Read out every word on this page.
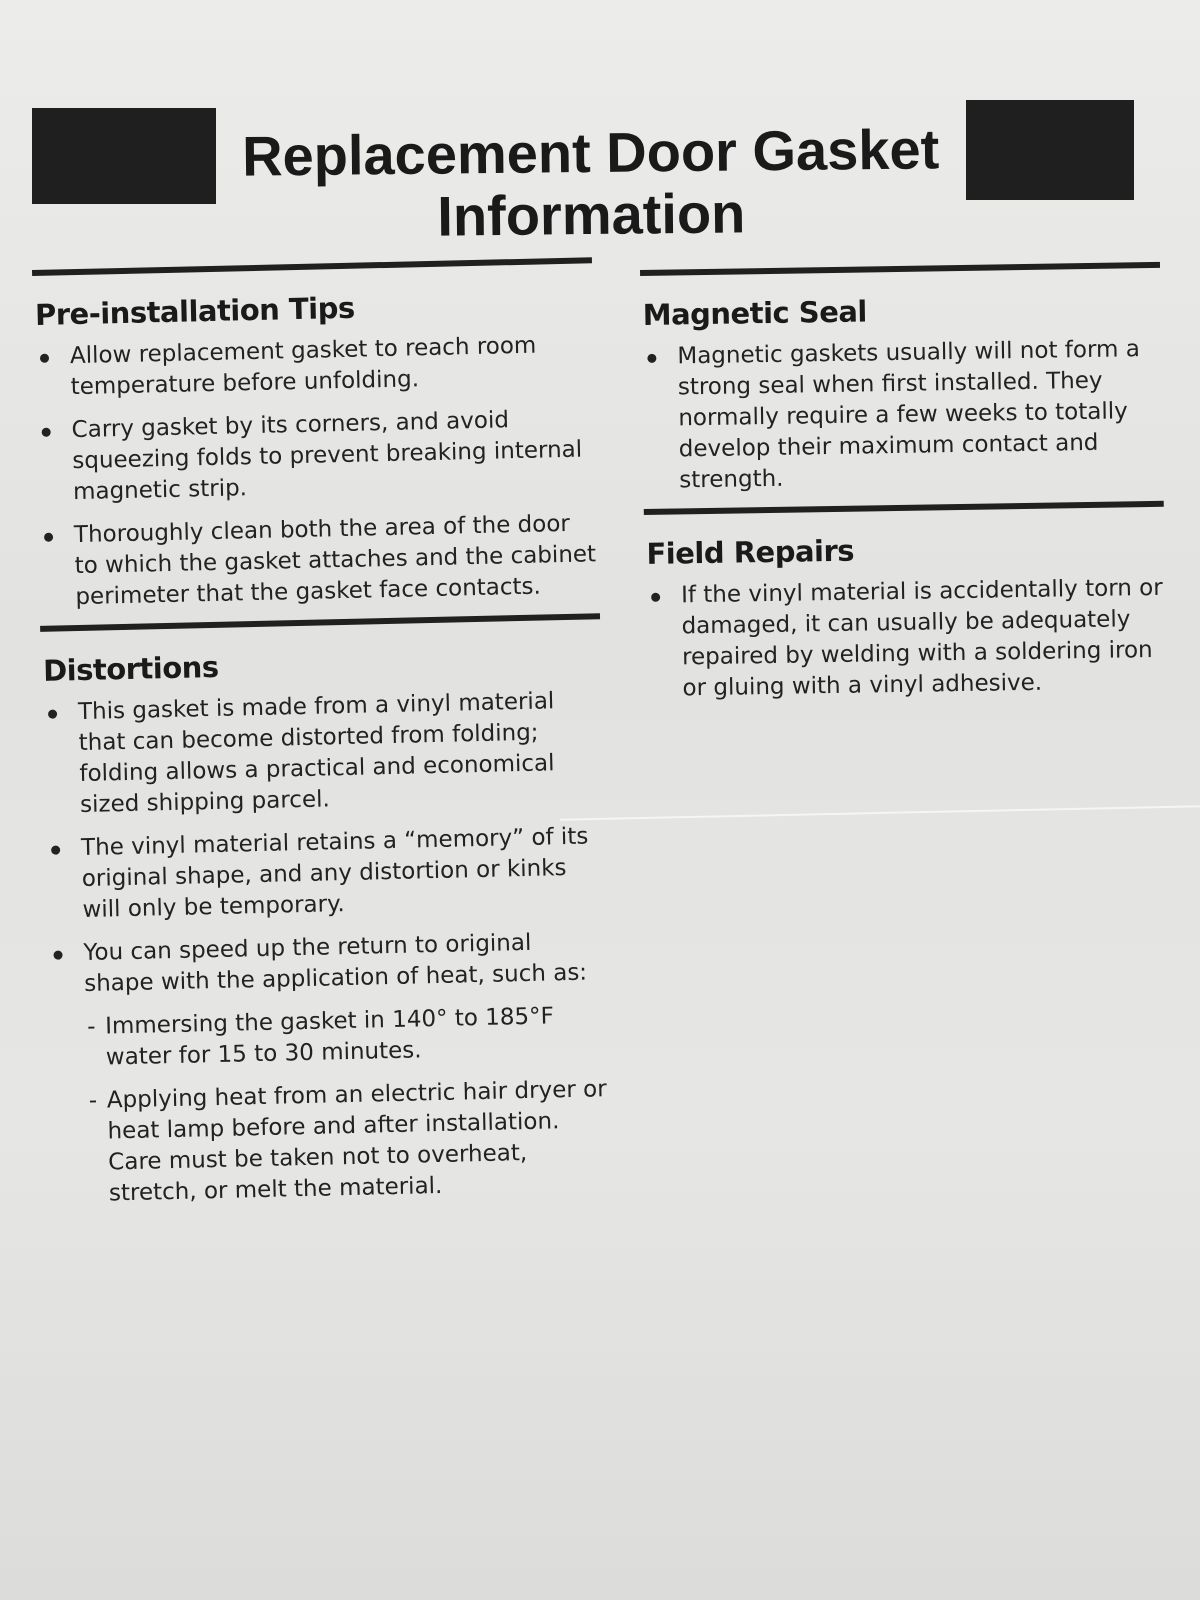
Replacement Door Gasket
Information
Pre-installation Tips
Allow replacement gasket to reach room temperature before unfolding.
Carry gasket by its corners, and avoid squeezing folds to prevent breaking internal magnetic strip.
Thoroughly clean both the area of the door to which the gasket attaches and the cabinet perimeter that the gasket face contacts.
Distortions
This gasket is made from a vinyl material that can become distorted from folding; folding allows a practical and economical sized shipping parcel.
The vinyl material retains a “memory” of its original shape, and any distortion or kinks will only be temporary.
You can speed up the return to original shape with the application of heat, such as:
- Immersing the gasket in 140° to 185°F water for 15 to 30 minutes.
- Applying heat from an electric hair dryer or heat lamp before and after installation. Care must be taken not to overheat, stretch, or melt the material.
Magnetic Seal
Magnetic gaskets usually will not form a strong seal when first installed. They normally require a few weeks to totally develop their maximum contact and strength.
Field Repairs
If the vinyl material is accidentally torn or damaged, it can usually be adequately repaired by welding with a soldering iron or gluing with a vinyl adhesive.
